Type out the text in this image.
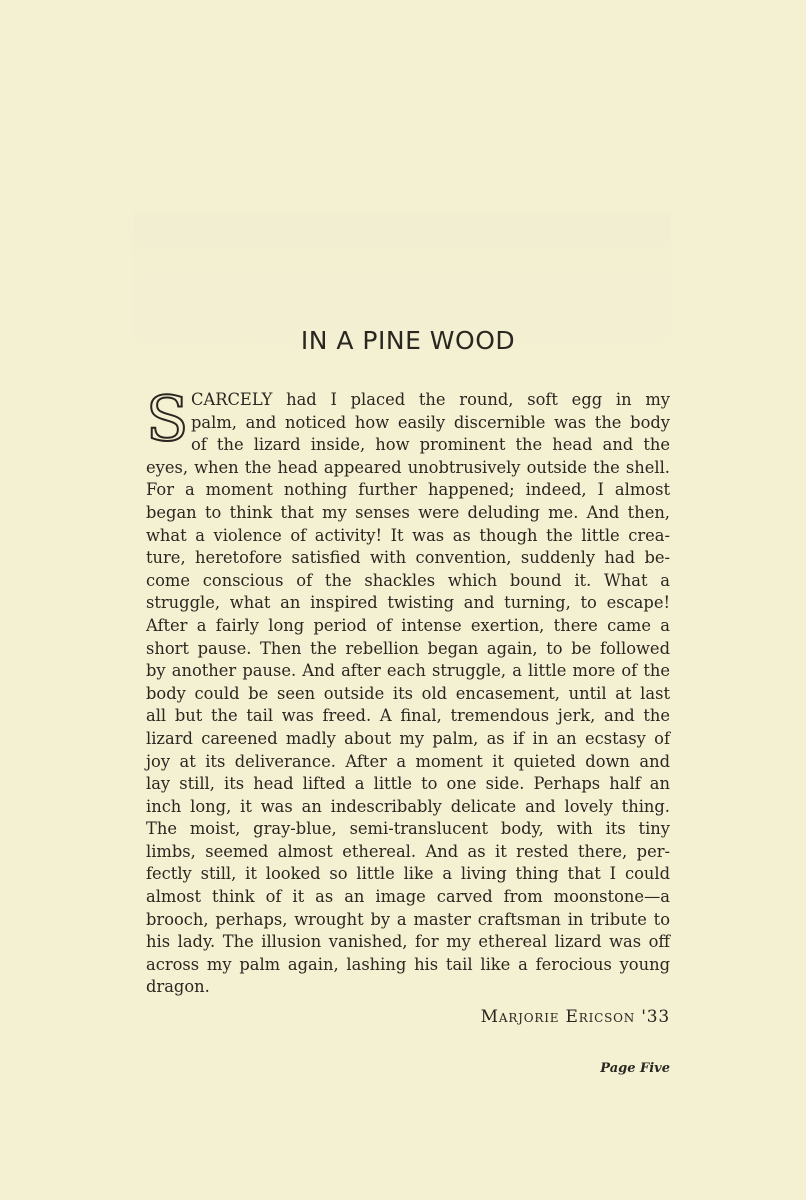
IN A PINE WOOD
S CARCELY had I placed the round, soft egg in my
palm, and noticed how easily discernible was the body
of the lizard inside, how prominent the head and the
eyes, when the head appeared unobtrusively outside the shell.
For a moment nothing further happened; indeed, I almost
began to think that my senses were deluding me. And then,
what a violence of activity! It was as though the little crea-
ture, heretofore satisfied with convention, suddenly had be-
come conscious of the shackles which bound it. What a
struggle, what an inspired twisting and turning, to escape!
After a fairly long period of intense exertion, there came a
short pause. Then the rebellion began again, to be followed
by another pause. And after each struggle, a little more of the
body could be seen outside its old encasement, until at last
all but the tail was freed. A final, tremendous jerk, and the
lizard careened madly about my palm, as if in an ecstasy of
joy at its deliverance. After a moment it quieted down and
lay still, its head lifted a little to one side. Perhaps half an
inch long, it was an indescribably delicate and lovely thing.
The moist, gray-blue, semi-translucent body, with its tiny
limbs, seemed almost ethereal. And as it rested there, per-
fectly still, it looked so little like a living thing that I could
almost think of it as an image carved from moonstone—a
brooch, perhaps, wrought by a master craftsman in tribute to
his lady. The illusion vanished, for my ethereal lizard was off
across my palm again, lashing his tail like a ferocious young
dragon.
Marjorie Ericson '33
Page Five
